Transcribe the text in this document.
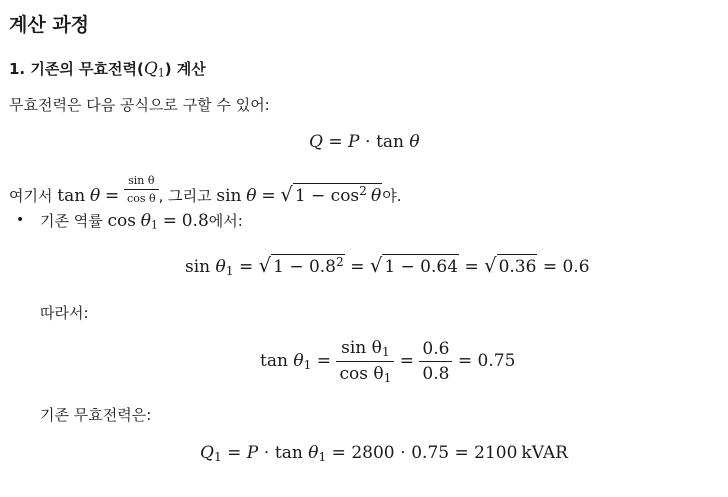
계산 과정
1. 기존의 무효전력$(Q_1)$ 계산
무효전력은 다음 공식으로 구할 수 있어:
Q = P ⋅ tan θ
여기서 $\tan \theta = \frac{\text{sin θ}}{\text{cos θ}}$ , 그리고 sin θ = √ $1 - \cos^2 \theta$야.
• 기존 역률 $\cos \theta_1 = 0.8$에서:
$\sin \theta_1$ = √ $1 - 0.8^2$ = √ 1 − 0.64 = √ 0.36 = 0.6
따라서:
$\tan \theta_1 = \frac{\sin \theta_1}{\cos \theta_1} = \frac{0.6}{0.8} = 0.75$
기존 무효전력은:
$Q_1 = P \cdot \tan \theta_1 = 2800 \cdot 0.75 = 2100$ kVAR
